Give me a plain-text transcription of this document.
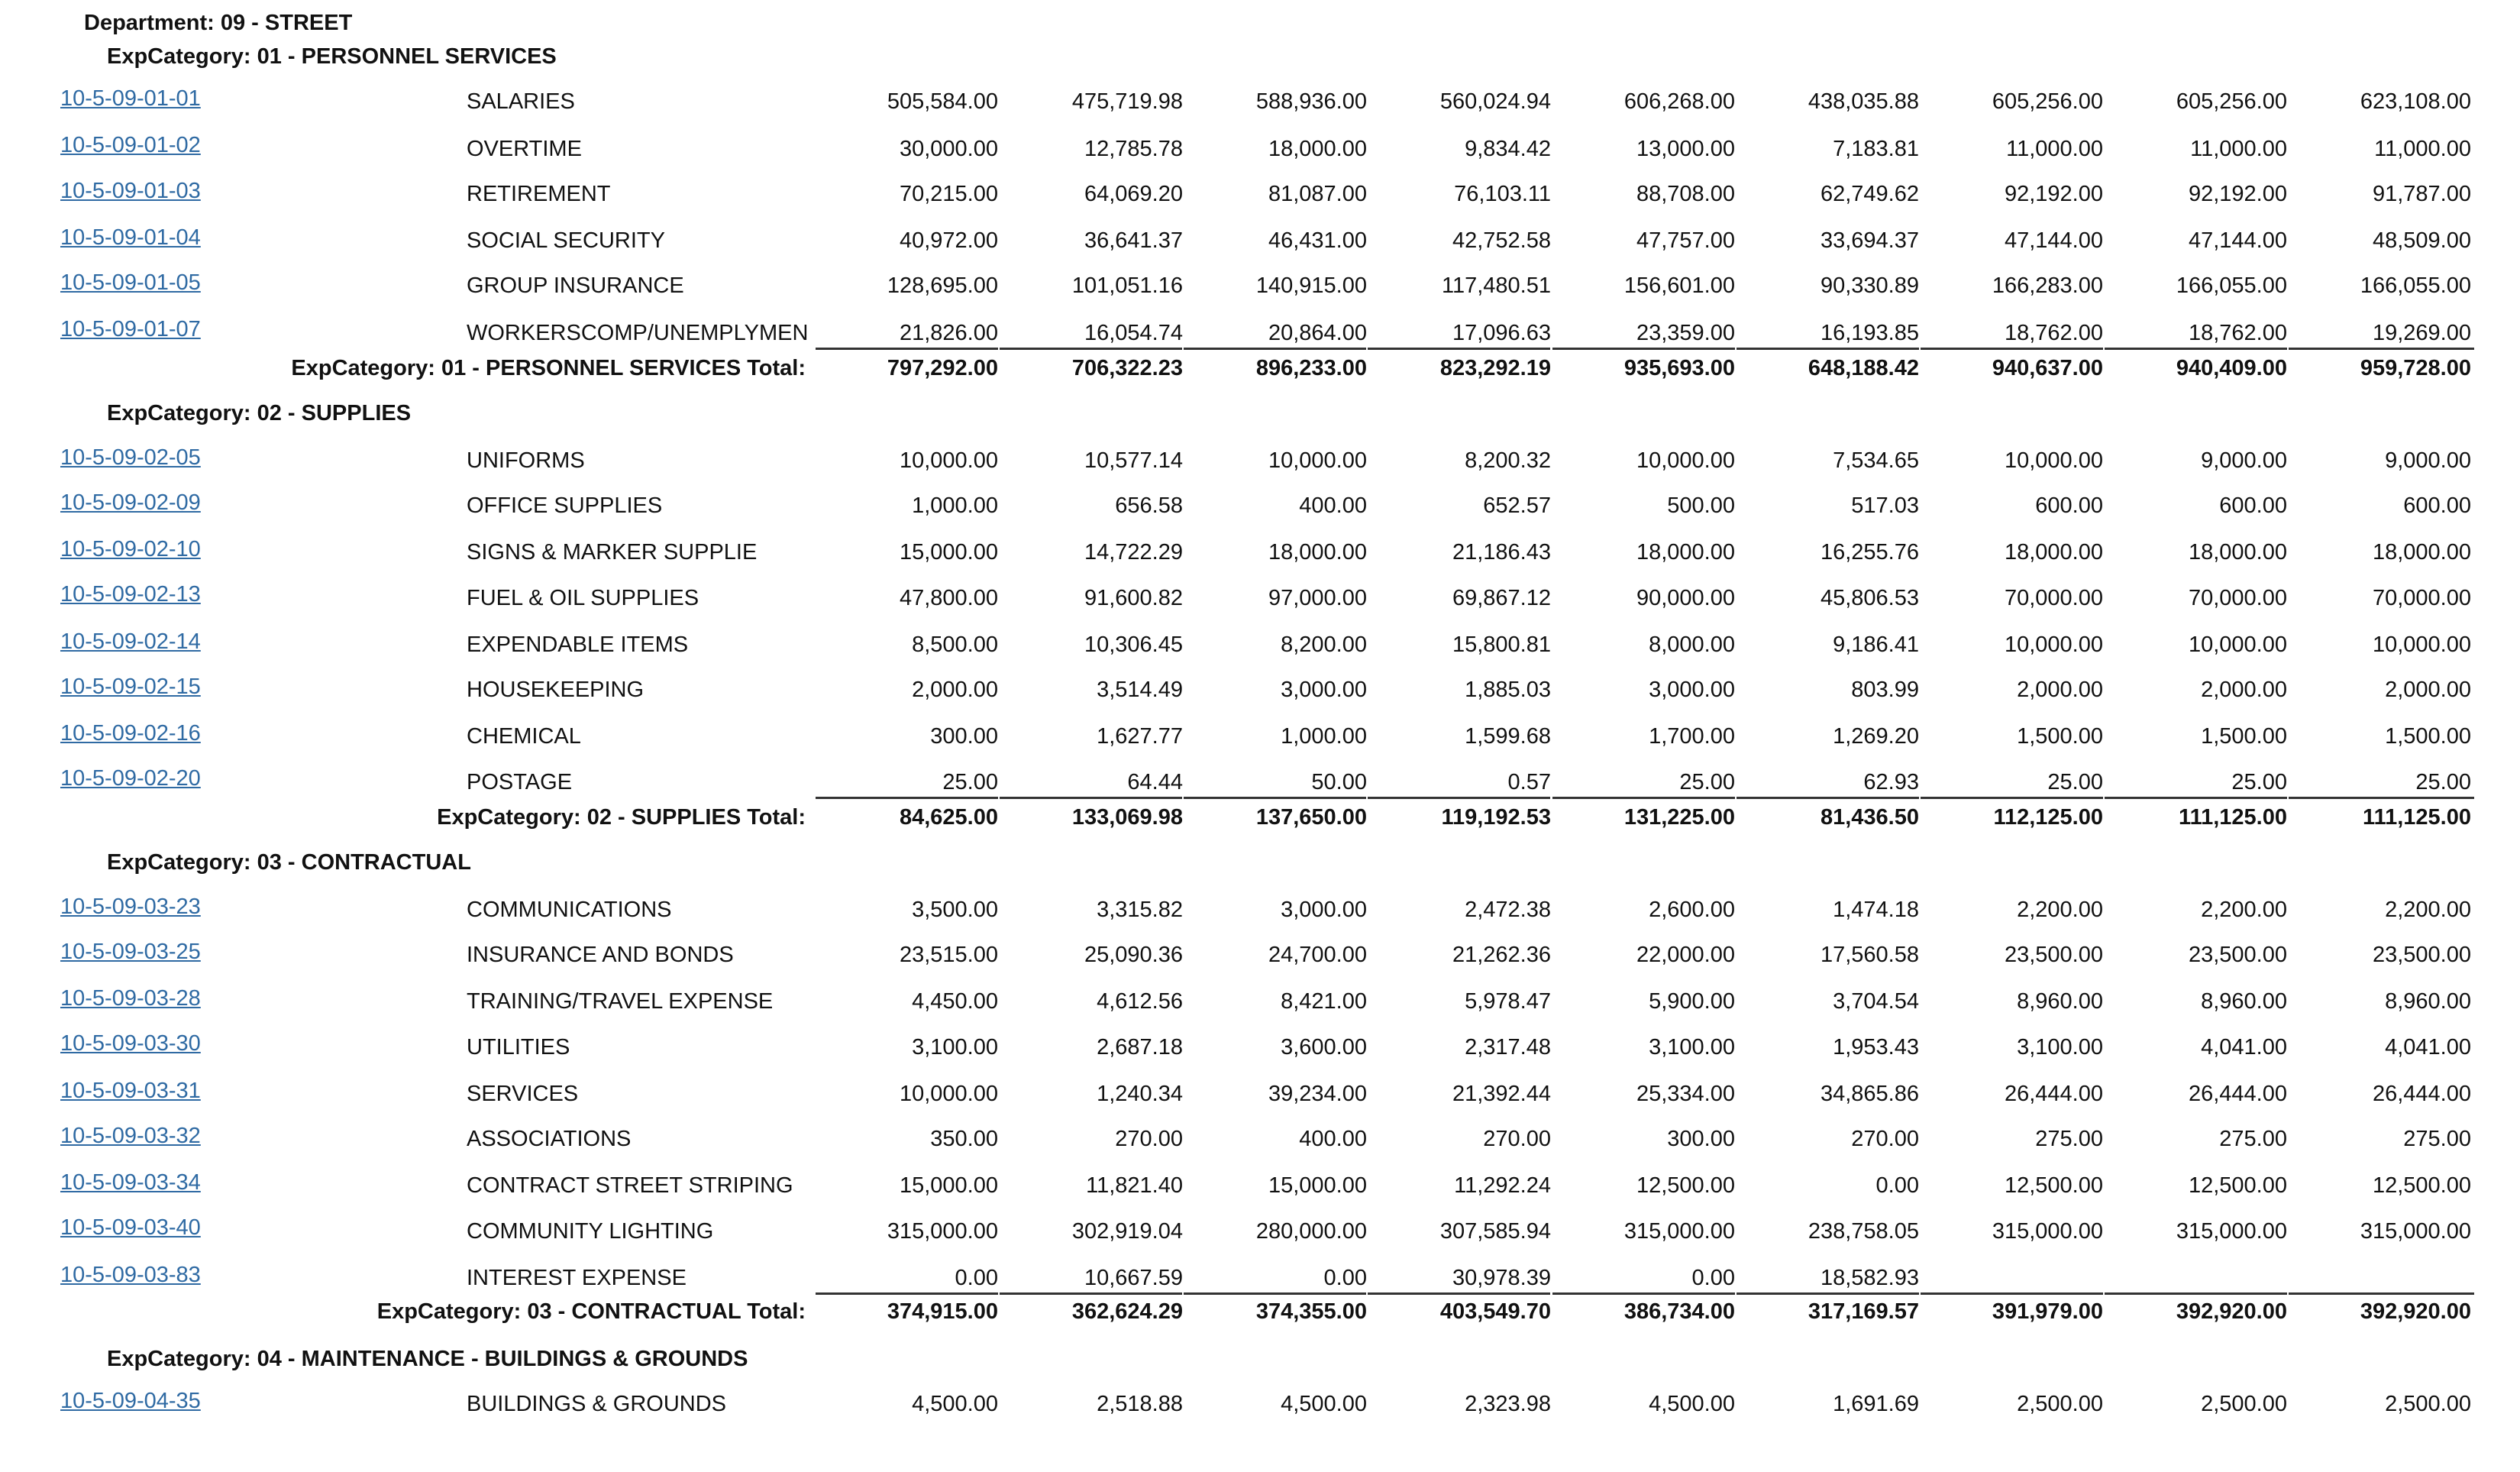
Department: 09 - STREET
ExpCategory: 01 - PERSONNEL SERVICES
10-5-09-01-01	SALARIES	505,584.00	475,719.98	588,936.00	560,024.94	606,268.00	438,035.88	605,256.00	605,256.00	623,108.00
10-5-09-01-02	OVERTIME	30,000.00	12,785.78	18,000.00	9,834.42	13,000.00	7,183.81	11,000.00	11,000.00	11,000.00
10-5-09-01-03	RETIREMENT	70,215.00	64,069.20	81,087.00	76,103.11	88,708.00	62,749.62	92,192.00	92,192.00	91,787.00
10-5-09-01-04	SOCIAL SECURITY	40,972.00	36,641.37	46,431.00	42,752.58	47,757.00	33,694.37	47,144.00	47,144.00	48,509.00
10-5-09-01-05	GROUP INSURANCE	128,695.00	101,051.16	140,915.00	117,480.51	156,601.00	90,330.89	166,283.00	166,055.00	166,055.00
10-5-09-01-07	WORKERSCOMP/UNEMPLYMEN	21,826.00	16,054.74	20,864.00	17,096.63	23,359.00	16,193.85	18,762.00	18,762.00	19,269.00
ExpCategory: 01 - PERSONNEL SERVICES Total:	797,292.00	706,322.23	896,233.00	823,292.19	935,693.00	648,188.42	940,637.00	940,409.00	959,728.00
ExpCategory: 02 - SUPPLIES
10-5-09-02-05	UNIFORMS	10,000.00	10,577.14	10,000.00	8,200.32	10,000.00	7,534.65	10,000.00	9,000.00	9,000.00
10-5-09-02-09	OFFICE SUPPLIES	1,000.00	656.58	400.00	652.57	500.00	517.03	600.00	600.00	600.00
10-5-09-02-10	SIGNS & MARKER SUPPLIE	15,000.00	14,722.29	18,000.00	21,186.43	18,000.00	16,255.76	18,000.00	18,000.00	18,000.00
10-5-09-02-13	FUEL & OIL SUPPLIES	47,800.00	91,600.82	97,000.00	69,867.12	90,000.00	45,806.53	70,000.00	70,000.00	70,000.00
10-5-09-02-14	EXPENDABLE ITEMS	8,500.00	10,306.45	8,200.00	15,800.81	8,000.00	9,186.41	10,000.00	10,000.00	10,000.00
10-5-09-02-15	HOUSEKEEPING	2,000.00	3,514.49	3,000.00	1,885.03	3,000.00	803.99	2,000.00	2,000.00	2,000.00
10-5-09-02-16	CHEMICAL	300.00	1,627.77	1,000.00	1,599.68	1,700.00	1,269.20	1,500.00	1,500.00	1,500.00
10-5-09-02-20	POSTAGE	25.00	64.44	50.00	0.57	25.00	62.93	25.00	25.00	25.00
ExpCategory: 02 - SUPPLIES Total:	84,625.00	133,069.98	137,650.00	119,192.53	131,225.00	81,436.50	112,125.00	111,125.00	111,125.00
ExpCategory: 03 - CONTRACTUAL
10-5-09-03-23	COMMUNICATIONS	3,500.00	3,315.82	3,000.00	2,472.38	2,600.00	1,474.18	2,200.00	2,200.00	2,200.00
10-5-09-03-25	INSURANCE AND BONDS	23,515.00	25,090.36	24,700.00	21,262.36	22,000.00	17,560.58	23,500.00	23,500.00	23,500.00
10-5-09-03-28	TRAINING/TRAVEL EXPENSE	4,450.00	4,612.56	8,421.00	5,978.47	5,900.00	3,704.54	8,960.00	8,960.00	8,960.00
10-5-09-03-30	UTILITIES	3,100.00	2,687.18	3,600.00	2,317.48	3,100.00	1,953.43	3,100.00	4,041.00	4,041.00
10-5-09-03-31	SERVICES	10,000.00	1,240.34	39,234.00	21,392.44	25,334.00	34,865.86	26,444.00	26,444.00	26,444.00
10-5-09-03-32	ASSOCIATIONS	350.00	270.00	400.00	270.00	300.00	270.00	275.00	275.00	275.00
10-5-09-03-34	CONTRACT STREET STRIPING	15,000.00	11,821.40	15,000.00	11,292.24	12,500.00	0.00	12,500.00	12,500.00	12,500.00
10-5-09-03-40	COMMUNITY LIGHTING	315,000.00	302,919.04	280,000.00	307,585.94	315,000.00	238,758.05	315,000.00	315,000.00	315,000.00
10-5-09-03-83	INTEREST EXPENSE	0.00	10,667.59	0.00	30,978.39	0.00	18,582.93
ExpCategory: 03 - CONTRACTUAL Total:	374,915.00	362,624.29	374,355.00	403,549.70	386,734.00	317,169.57	391,979.00	392,920.00	392,920.00
ExpCategory: 04 - MAINTENANCE - BUILDINGS & GROUNDS
10-5-09-04-35	BUILDINGS & GROUNDS	4,500.00	2,518.88	4,500.00	2,323.98	4,500.00	1,691.69	2,500.00	2,500.00	2,500.00
